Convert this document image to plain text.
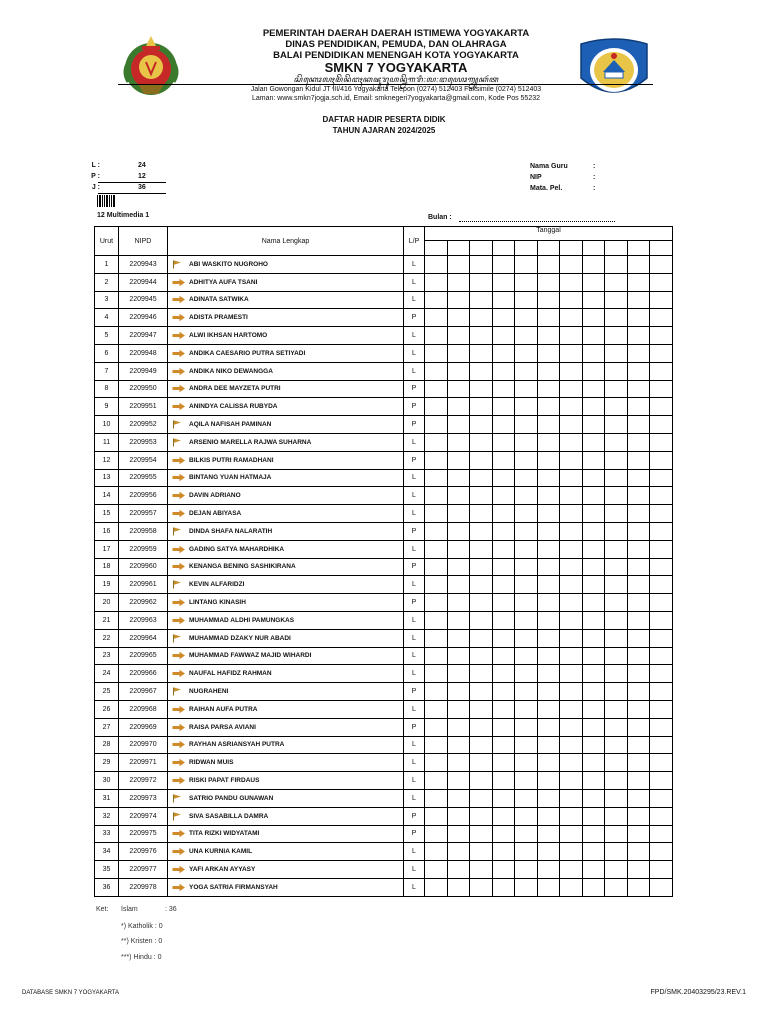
PEMERINTAH DAERAH DAERAH ISTIMEWA YOGYAKARTA
DINAS PENDIDIKAN, PEMUDA, DAN OLAHRAGA
BALAI PENDIDIKAN MENENGAH KOTA YOGYAKARTA
SMKN 7 YOGYAKARTA
ꦱꦼꦏꦺꦴꦭꦃꦩꦼꦤꦼꦔꦃꦏꦗꦸꦫꦸꦲꦤ꧀ꦤꦼꦒꦫꦶ꧇꧗꧇ꦔꦪꦺꦴꦒꦾꦏꦂꦠ
Jalan Gowongan Kidul JT III/416 Yogyakarta Telepon (0274) 512403 Faksimile (0274) 512403
Laman: www.smkn7jogja.sch.id, Email: smknegeri7yogyakarta@gmail.com, Kode Pos 55232
DAFTAR HADIR PESERTA DIDIK
TAHUN AJARAN 2024/2025
L :	24
P :	12
J :	36
12 Multimedia 1
Nama Guru	:
NIP	:
Mata. Pel.	:
Bulan :
Urut	NIPD	Nama Lengkap	L/P	Tanggal										

1	2209943	ABI WASKITO NUGROHO	L											
2	2209944	ADHITYA AUFA TSANI	L											
3	2209945	ADINATA SATWIKA	L											
4	2209946	ADISTA PRAMESTI	P											
5	2209947	ALWI IKHSAN HARTOMO	L											
6	2209948	ANDIKA CAESARIO PUTRA SETIYADI	L											
7	2209949	ANDIKA NIKO DEWANGGA	L											
8	2209950	ANDRA DEE MAYZETA PUTRI	P											
9	2209951	ANINDYA CALISSA RUBYDA	P											
10	2209952	AQILA NAFISAH PAMINAN	P											
11	2209953	ARSENIO MARELLA RAJWA SUHARNA	L											
12	2209954	BILKIS PUTRI RAMADHANI	P											
13	2209955	BINTANG YUAN HATMAJA	L											
14	2209956	DAVIN ADRIANO	L											
15	2209957	DEJAN ABIYASA	L											
16	2209958	DINDA SHAFA NALARATIH	P											
17	2209959	GADING SATYA MAHARDHIKA	L											
18	2209960	KENANGA BENING SASHIKIRANA	P											
19	2209961	KEVIN ALFARIDZI	L											
20	2209962	LINTANG KINASIH	P											
21	2209963	MUHAMMAD ALDHI PAMUNGKAS	L											
22	2209964	MUHAMMAD DZAKY NUR ABADI	L											
23	2209965	MUHAMMAD FAWWAZ MAJID WIHARDI	L											
24	2209966	NAUFAL HAFIDZ RAHMAN	L											
25	2209967	NUGRAHENI	P											
26	2209968	RAIHAN AUFA PUTRA	L											
27	2209969	RAISA PARSA AVIANI	P											
28	2209970	RAYHAN ASRIANSYAH PUTRA	L											
29	2209971	RIDWAN MUIS	L											
30	2209972	RISKI PAPAT FIRDAUS	L											
31	2209973	SATRIO PANDU GUNAWAN	L											
32	2209974	SIVA SASABILLA DAMRA	P											
33	2209975	TITA RIZKI WIDYATAMI	P											
34	2209976	UNA KURNIA KAMIL	L											
35	2209977	YAFI ARKAN AYYASY	L											
36	2209978	YOGA SATRIA FIRMANSYAH	L											
Ket: Islam	: 36
*) Katholik : 0
**) Kristen : 0
***) Hindu : 0
DATABASE SMKN 7 YOGYAKARTA	FPD/SMK.20403295/23.REV.1
